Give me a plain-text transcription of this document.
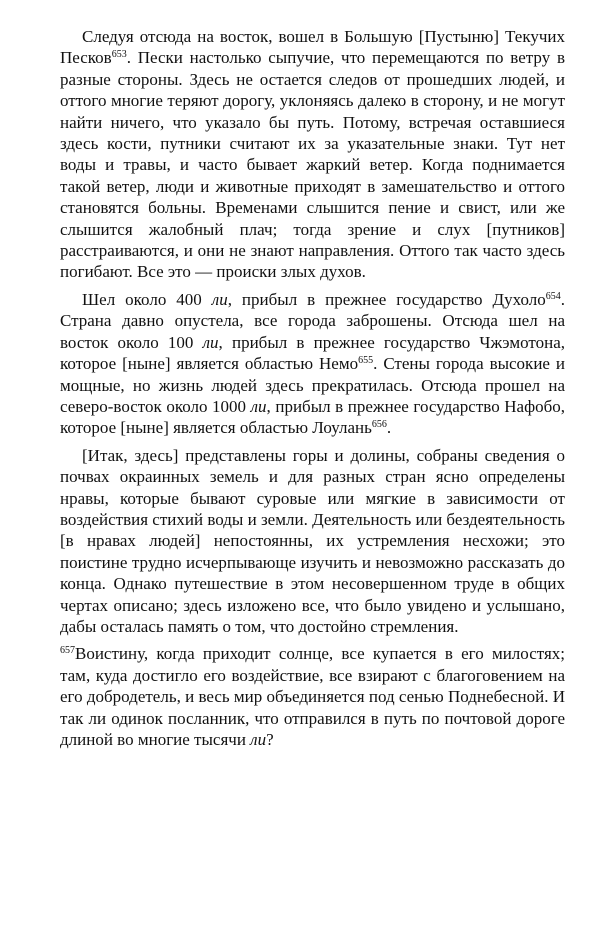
Следуя отсюда на восток, вошел в Большую [Пустыню] Текучих Песков$^{653}$. Пески настолько сыпучие, что перемещаются по ветру в разные стороны. Здесь не остается следов от прошедших людей, и оттого многие теряют дорогу, уклоняясь далеко в сторону, и не могут найти ничего, что указало бы путь. Потому, встречая оставшиеся здесь кости, путники считают их за указательные знаки. Тут нет воды и травы, и часто бывает жаркий ветер. Когда поднимается такой ветер, люди и животные приходят в замешательство и оттого становятся больны. Временами слышится пение и свист, или же слышится жалобный плач; тогда зрение и слух [путников] расстраиваются, и они не знают направления. Оттого так часто здесь погибают. Все это — происки злых духов.

Шел около 400 ли, прибыл в прежнее государство Духоло$^{654}$. Страна давно опустела, все города заброшены. Отсюда шел на восток около 100 ли, прибыл в прежнее государство Чжэмотона, которое [ныне] является областью Немо$^{655}$. Стены города высокие и мощные, но жизнь людей здесь прекратилась. Отсюда прошел на северо-восток около 1000 ли, прибыл в прежнее государство Нафобо, которое [ныне] является областью Лоулань$^{656}$.

[Итак, здесь] представлены горы и долины, собраны сведения о почвах окраинных земель и для разных стран ясно определены нравы, которые бывают суровые или мягкие в зависимости от воздействия стихий воды и земли. Деятельность или бездеятельность [в нравах людей] непостоянны, их устремления несхожи; это поистине трудно исчерпывающе изучить и невозможно рассказать до конца. Однако путешествие в этом несовершенном труде в общих чертах описано; здесь изложено все, что было увидено и услышано, дабы осталась память о том, что достойно стремления.

$^{657}$Воистину, когда приходит солнце, все купается в его милостях; там, куда достигло его воздействие, все взирают с благоговением на его добродетель, и весь мир объединяется под сенью Поднебесной. И так ли одинок посланник, что отправился в путь по почтовой дороге длиной во многие тысячи ли?
